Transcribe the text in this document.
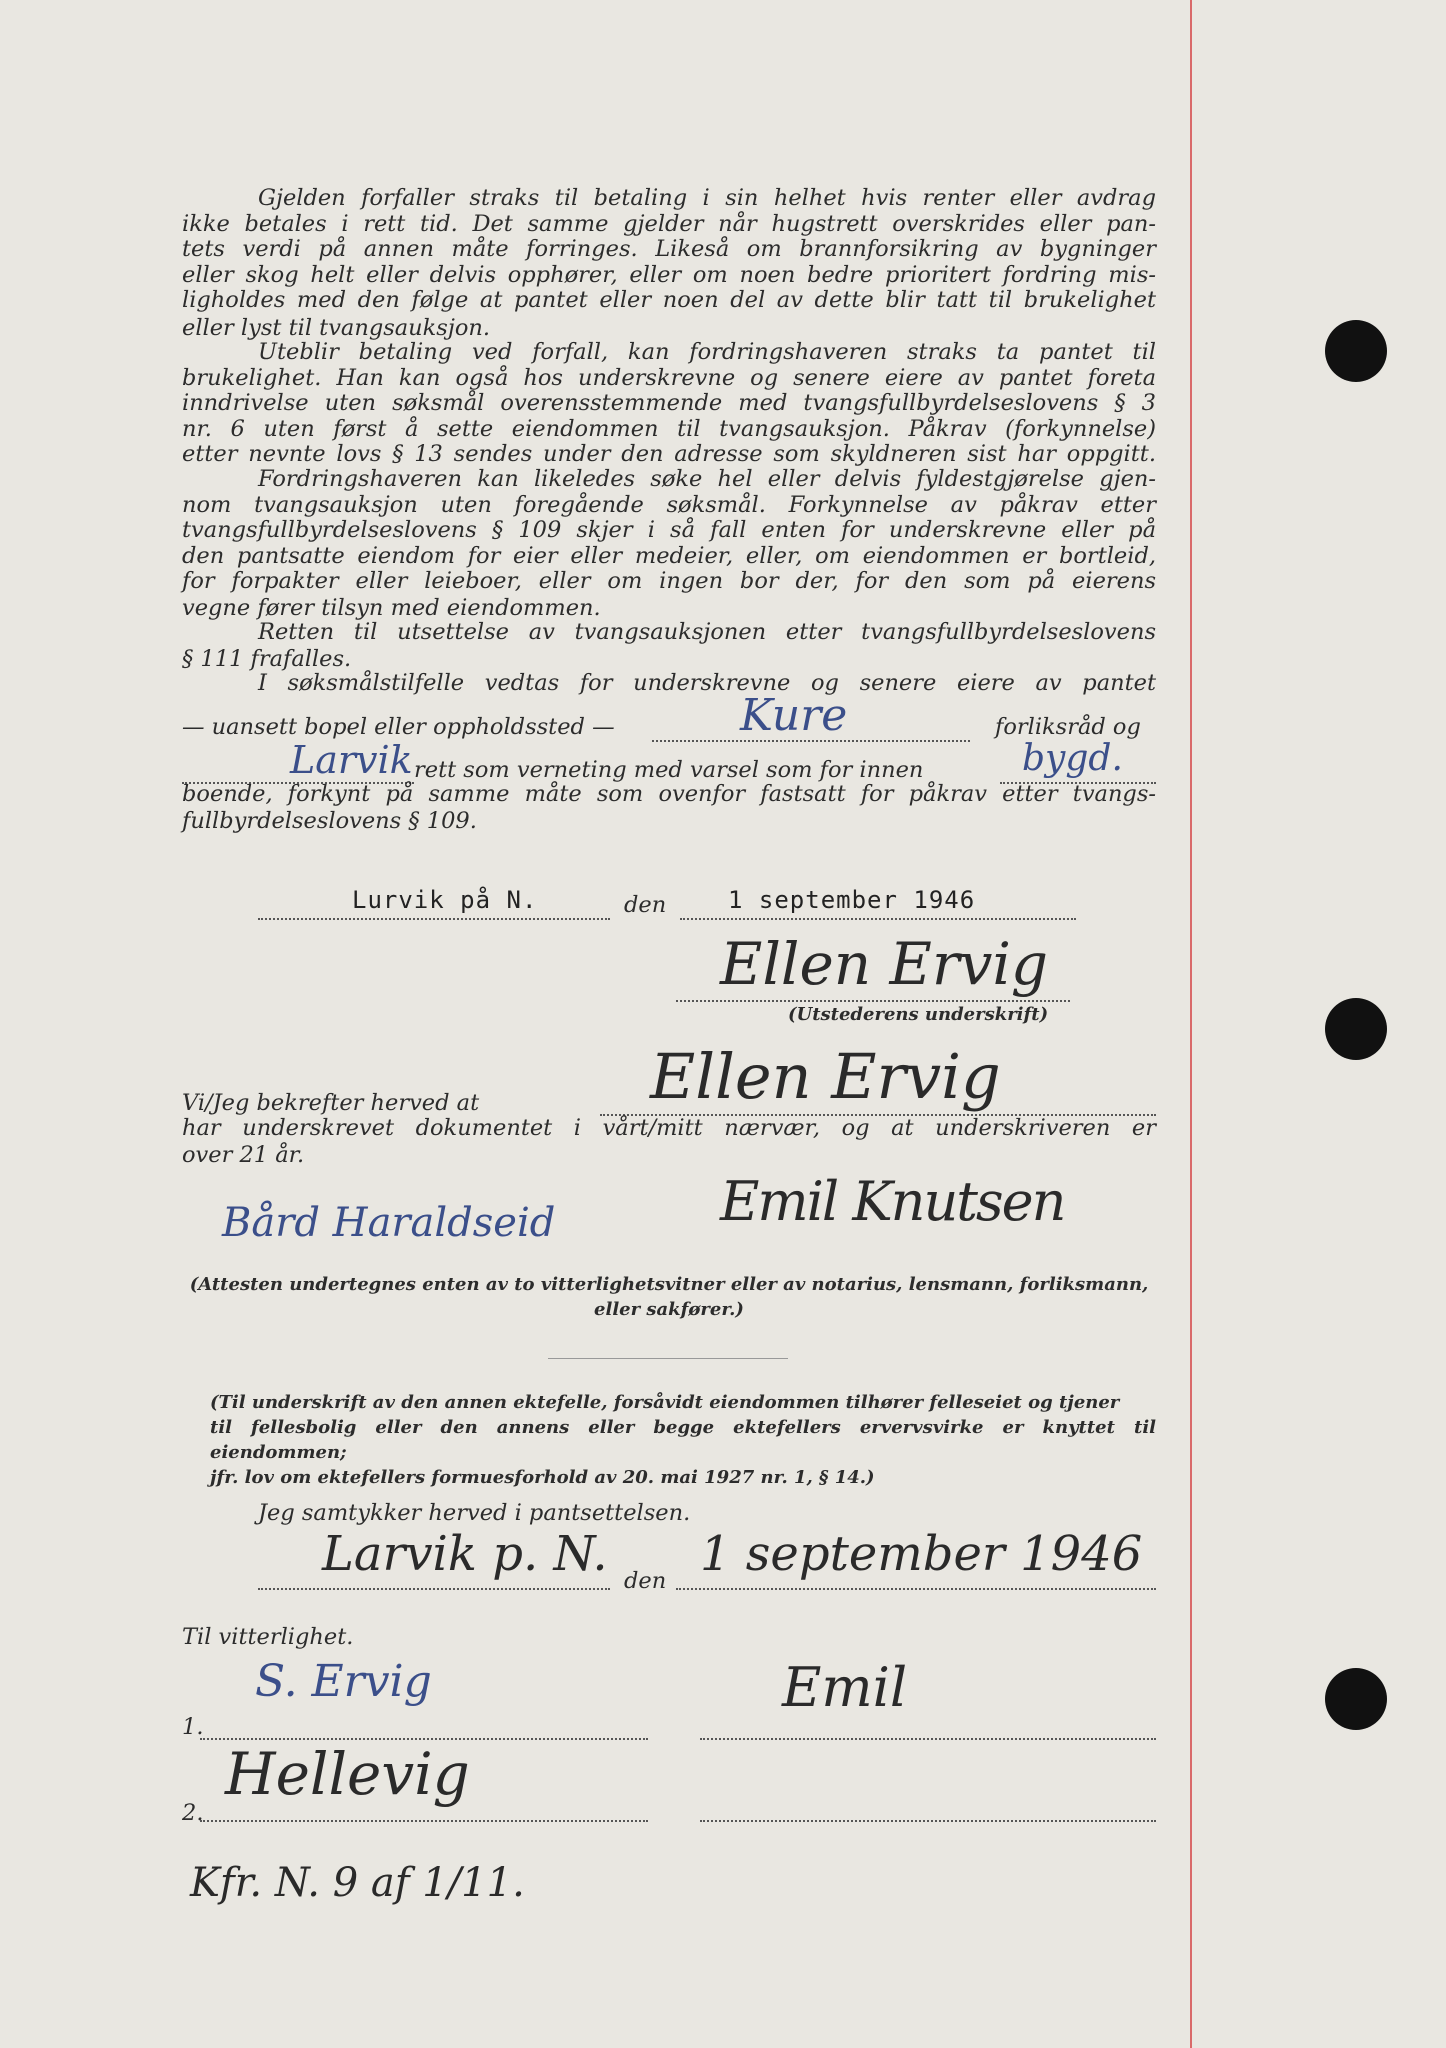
Gjelden forfaller straks til betaling i sin helhet hvis renter eller avdrag
ikke betales i rett tid. Det samme gjelder når hugstrett overskrides eller pan-
tets verdi på annen måte forringes. Likeså om brannforsikring av bygninger
eller skog helt eller delvis opphører, eller om noen bedre prioritert fordring mis-
ligholdes med den følge at pantet eller noen del av dette blir tatt til brukelighet
eller lyst til tvangsauksjon.
Uteblir betaling ved forfall, kan fordringshaveren straks ta pantet til
brukelighet. Han kan også hos underskrevne og senere eiere av pantet foreta
inndrivelse uten søksmål overensstemmende med tvangsfullbyrdelseslovens § 3
nr. 6 uten først å sette eiendommen til tvangsauksjon. Påkrav (forkynnelse)
etter nevnte lovs § 13 sendes under den adresse som skyldneren sist har oppgitt.
Fordringshaveren kan likeledes søke hel eller delvis fyldestgjørelse gjen-
nom tvangsauksjon uten foregående søksmål. Forkynnelse av påkrav etter
tvangsfullbyrdelseslovens § 109 skjer i så fall enten for underskrevne eller på
den pantsatte eiendom for eier eller medeier, eller, om eiendommen er bortleid,
for forpakter eller leieboer, eller om ingen bor der, for den som på eierens
vegne fører tilsyn med eiendommen.
Retten til utsettelse av tvangsauksjonen etter tvangsfullbyrdelseslovens
§ 111 frafalles.
I søksmålstilfelle vedtas for underskrevne og senere eiere av pantet
— uansett bopel eller oppholdssted —	Kure	forliksråd og
Larvik rett som verneting med varsel som for innen	bygd.
boende, forkynt på samme måte som ovenfor fastsatt for påkrav etter tvangs-
fullbyrdelseslovens § 109.
Lurvik på N.	den	1 september 1946
Ellen Ervig
(Utstederens underskrift)
Ellen Ervig
Vi/Jeg bekrefter herved at
har underskrevet dokumentet i vårt/mitt nærvær, og at underskriveren er
over 21 år.
Bård Haraldseid	Emil Knutsen
(Attesten undertegnes enten av to vitterlighetsvitner eller av notarius, lensmann, forliksmann,
eller sakfører.)
(Til underskrift av den annen ektefelle, forsåvidt eiendommen tilhører felleseiet og tjener
til fellesbolig eller den annens eller begge ektefellers ervervsvirke er knyttet til eiendommen;
jfr. lov om ektefellers formuesforhold av 20. mai 1927 nr. 1, § 14.)
Jeg samtykker herved i pantsettelsen.
Larvik p. N. den 1 september 1946
Til vitterlighet.
S. Ervig	Emil
1.
Hellevig
2.
Kfr. N. 9 af 1/11.
